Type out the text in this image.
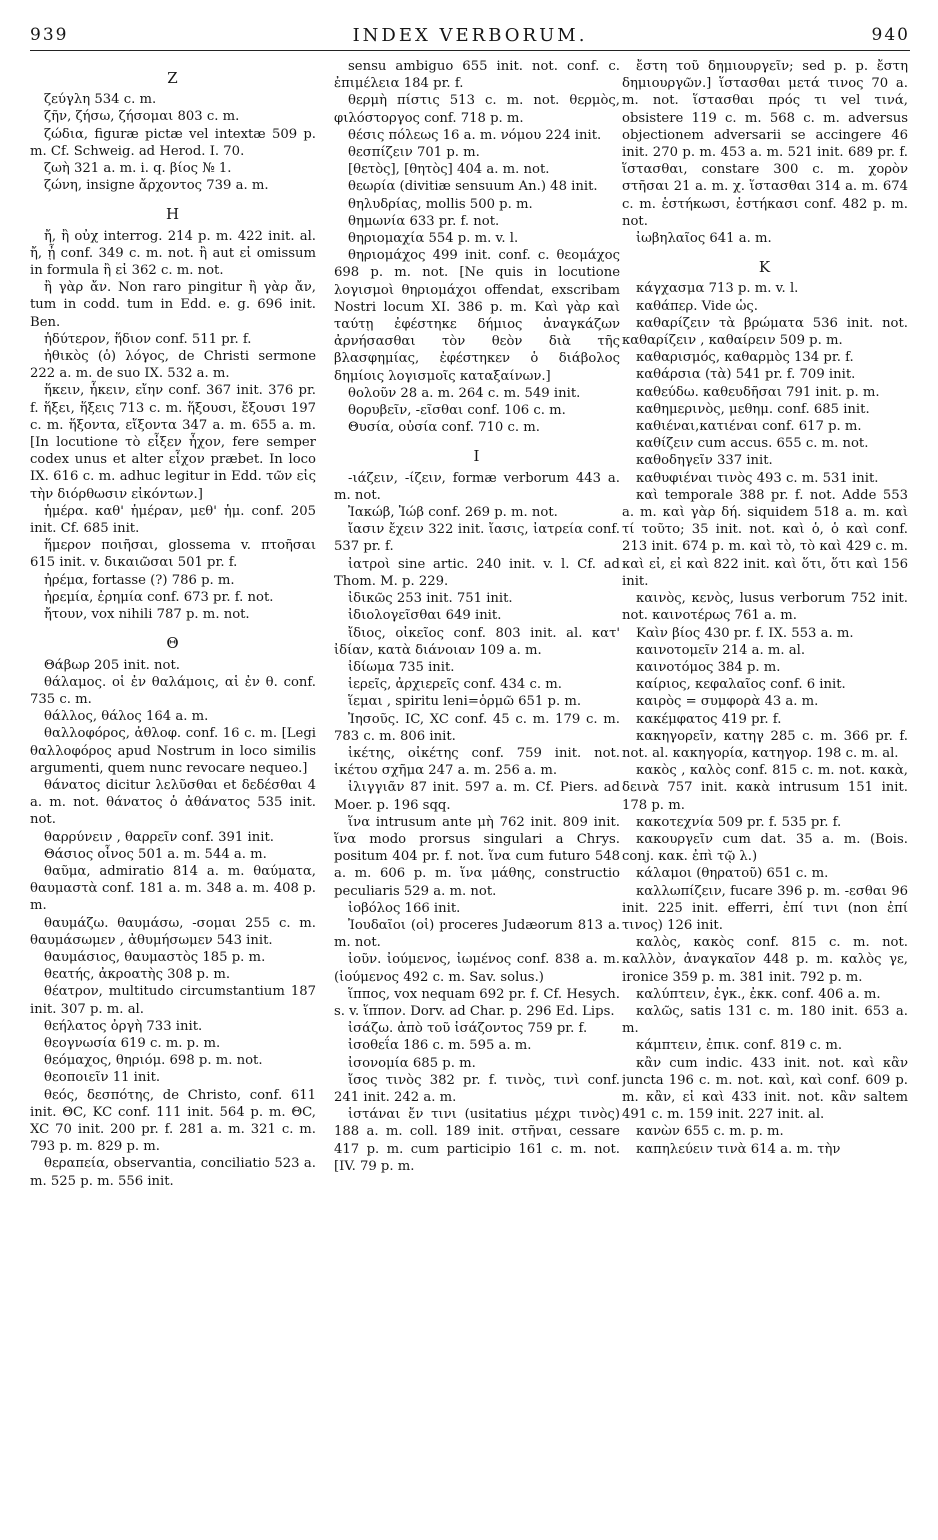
939	INDEX VERBORUM.	940

Z

ζεύγλη 534 c. m.

ζῆν, ζήσω, ζήσομαι 803 c. m.

ζώδια, figuræ pictæ vel intextæ 509 p. m. Cf. Schweig. ad Herod. I. 70.

ζωὴ 321 a. m. i. q. βίος № 1.

ζώνη, insigne ἄρχοντος 739 a. m.

Η

ἤ, ἢ οὐχ interrog. 214 p. m. 422 init. al. ἤ, ᾖ conf. 349 c. m. not. ἢ aut εἰ omissum in formula ἢ εἰ 362 c. m. not.

ἢ γὰρ ἄν. Non raro pingitur ἢ γὰρ ἄν, tum in codd. tum in Edd. e. g. 696 init. Ben.

ἡδύτερον, ἥδιον conf. 511 pr. f.

ἠθικὸς (ὁ) λόγος, de Christi sermone 222 a. m. de suo IX. 532 a. m.

ἥκειν, ἧκειν, εἴην conf. 367 init. 376 pr. f. ἥξει, ἥξεις 713 c. m. ἥξουσι, ἔξουσι 197 c. m. ἥξοντα, εἴξοντα 347 a. m. 655 a. m. [In locutione τὸ εἶξεν ἦχον, fere semper codex unus et alter εἶχον præbet. In loco IX. 616 c. m. adhuc legitur in Edd. τῶν εἰς τὴν διόρθωσιν εἰκόντων.]

ἡμέρα. καθ' ἡμέραν, μεθ' ἡμ. conf. 205 init. Cf. 685 init.

ἥμερον ποιῆσαι, glossema v. πτοῆσαι 615 init. v. δικαιῶσαι 501 pr. f.

ἠρέμα, fortasse (?) 786 p. m.

ἠρεμία, ἐρημία conf. 673 pr. f. not.

ἤτουν, vox nihili 787 p. m. not.

Θ

Θάβωρ 205 init. not.

θάλαμος. οἱ ἐν θαλάμοις, αἱ ἐν θ. conf. 735 c. m.

θάλλος, θάλος 164 a. m.

θαλλοφόρος, ἀθλοφ. conf. 16 c. m. [Legi θαλλοφόρος apud Nostrum in loco similis argumenti, quem nunc revocare nequeo.]

θάνατος dicitur λελῦσθαι et δεδέσθαι 4 a. m. not. θάνατος ὁ ἀθάνατος 535 init. not.

θαρρύνειν , θαρρεῖν conf. 391 init.

Θάσιος οἶνος 501 a. m. 544 a. m.

θαῦμα, admiratio 814 a. m. θαύματα, θαυμαστὰ conf. 181 a. m. 348 a. m. 408 p. m.

θαυμάζω. θαυμάσω, -σομαι 255 c. m. θαυμάσωμεν , ἀθυμήσωμεν 543 init.

θαυμάσιος, θαυμαστὸς 185 p. m.

θεατής, ἀκροατὴς 308 p. m.

θέατρον, multitudo circumstantium 187 init. 307 p. m. al.

θεήλατος ὀργὴ 733 init.

θεογνωσία 619 c. m. p. m.

θεόμαχος, θηριόμ. 698 p. m. not.

θεοποιεῖν 11 init.

θεός, δεσπότης, de Christo, conf. 611 init. ΘC, KC conf. 111 init. 564 p. m. ΘC, XC 70 init. 200 pr. f. 281 a. m. 321 c. m. 793 p. m. 829 p. m.

θεραπεία, observantia, conciliatio 523 a. m. 525 p. m. 556 init.

sensu ambiguo 655 init. not. conf. c. ἐπιμέλεια 184 pr. f.

θερμὴ πίστις 513 c. m. not. θερμὸς, φιλόστοργος conf. 718 p. m.

θέσις πόλεως 16 a. m. νόμου 224 init.

θεσπίζειν 701 p. m.

[θετὸς], [θητὸς] 404 a. m. not.

θεωρία (divitiæ sensuum An.) 48 init.

θηλυδρίας, mollis 500 p. m.

θημωνία 633 pr. f. not.

θηριομαχία 554 p. m. v. l.

θηριομάχος 499 init. conf. c. θεομάχος 698 p. m. not. [Ne quis in locutione λογισμοὶ θηριομάχοι offendat, exscribam Nostri locum XI. 386 p. m. Καὶ γὰρ καὶ ταύτῃ ἐφέστηκε δήμιος ἀναγκάζων ἀρνήσασθαι τὸν θεὸν διὰ τῆς βλασφημίας, ἐφέστηκεν ὁ διάβολος δημίοις λογισμοῖς καταξαίνων.]

θολοῦν 28 a. m. 264 c. m. 549 init.

θορυβεῖν, -εῖσθαι conf. 106 c. m.

Θυσία, οὐσία conf. 710 c. m.

Ι

-ιάζειν, -ίζειν, formæ verborum 443 a. m. not.

Ἰακώβ, Ἰώβ conf. 269 p. m. not.

ἴασιν ἔχειν 322 init. ἴασις, ἰατρεία conf. 537 pr. f.

ἰατροὶ sine artic. 240 init. v. l. Cf. ad Thom. M. p. 229.

ἰδικῶς 253 init. 751 init.

ἰδιολογεῖσθαι 649 init.

ἴδιος, οἰκεῖος conf. 803 init. al. κατ' ἰδίαν, κατὰ διάνοιαν 109 a. m.

ἰδίωμα 735 init.

ἱερεῖς, ἀρχιερεῖς conf. 434 c. m.

ἵεμαι , spiritu leni=ὁρμῶ 651 p. m.

Ἰησοῦς. IC, XC conf. 45 c. m. 179 c. m. 783 c. m. 806 init.

ἱκέτης, οἰκέτης conf. 759 init. not. ἱκέτου σχῆμα 247 a. m. 256 a. m.

ἰλιγγιᾶν 87 init. 597 a. m. Cf. Piers. ad Moer. p. 196 sqq.

ἵνα intrusum ante μὴ 762 init. 809 init. ἵνα modo prorsus singulari a Chrys. positum 404 pr. f. not. ἵνα cum futuro 548 a. m. 606 p. m. ἵνα μάθης, constructio peculiaris 529 a. m. not.

ἰοβόλος 166 init.

Ἰουδαῖοι (οἱ) proceres Judæorum 813 a. m. not.

ἰοῦν. ἰούμενος, ἰωμένος conf. 838 a. m. (ἰούμενος 492 c. m. Sav. solus.)

ἵππος, vox nequam 692 pr. f. Cf. Hesych. s. v. ἵππον. Dorv. ad Char. p. 296 Ed. Lips.

ἰσάζω. ἀπὸ τοῦ ἰσάζοντος 759 pr. f.

ἰσοθεΐα 186 c. m. 595 a. m.

ἰσονομία 685 p. m.

ἴσος τινὸς 382 pr. f. τινὸς, τινὶ conf. 241 init. 242 a. m.

ἱστάναι ἔν τινι (usitatius μέχρι τινὸς) 188 a. m. coll. 189 init. στῆναι, cessare 417 p. m. cum participio 161 c. m. not. [IV. 79 p. m.

ἔστη τοῦ δημιουργεῖν; sed p. p. ἔστη δημιουργῶν.] ἵστασθαι μετά τινος 70 a. m. not. ἵστασθαι πρός τι vel τινά, obsistere 119 c. m. 568 c. m. adversus objectionem adversarii se accingere 46 init. 270 p. m. 453 a. m. 521 init. 689 pr. f. ἵστασθαι, constare 300 c. m. χορὸν στῆσαι 21 a. m. χ. ἵστασθαι 314 a. m. 674 c. m. ἑστήκωσι, ἑστήκασι conf. 482 p. m. not.

ἰωβηλαῖος 641 a. m.

Κ

κάγχασμα 713 p. m. v. l.

καθάπερ. Vide ὡς.

καθαρίζειν τὰ βρώματα 536 init. not. καθαρίζειν , καθαίρειν 509 p. m.

καθαρισμός, καθαρμὸς 134 pr. f.

καθάρσια (τὰ) 541 pr. f. 709 init.

καθεύδω. καθευδῆσαι 791 init. p. m.

καθημερινὸς, μεθημ. conf. 685 init.

καθιέναι,κατιέναι conf. 617 p. m.

καθίζειν cum accus. 655 c. m. not.

καθοδηγεῖν 337 init.

καθυφιέναι τινὸς 493 c. m. 531 init.

καὶ temporale 388 pr. f. not. Adde 553 a. m. καὶ γὰρ δή. siquidem 518 a. m. καὶ τί τοῦτο; 35 init. not. καὶ ὁ, ὁ καὶ conf. 213 init. 674 p. m. καὶ τὸ, τὸ καὶ 429 c. m. καὶ εἰ, εἰ καὶ 822 init. καὶ ὅτι, ὅτι καὶ 156 init.

καινὸς, κενὸς, lusus verborum 752 init. not. καινοτέρως 761 a. m.

Καὶν βίος 430 pr. f. IX. 553 a. m.

καινοτομεῖν 214 a. m. al.

καινοτόμος 384 p. m.

καίριος, κεφαλαῖος conf. 6 init.

καιρὸς = συμφορὰ 43 a. m.

κακέμφατος 419 pr. f.

κακηγορεῖν, κατηγ 285 c. m. 366 pr. f. not. al. κακηγορία, κατηγορ. 198 c. m. al.

κακὸς , καλὸς conf. 815 c. m. not. κακὰ, δεινὰ 757 init. κακὰ intrusum 151 init. 178 p. m.

κακοτεχνία 509 pr. f. 535 pr. f.

κακουργεῖν cum dat. 35 a. m. (Bois. conj. κακ. ἐπὶ τῷ λ.)

κάλαμοι (θηρατοῦ) 651 c. m.

καλλωπίζειν, fucare 396 p. m. -εσθαι 96 init. 225 init. efferri, ἐπί τινι (non ἐπί τινος) 126 init.

καλὸς, κακὸς conf. 815 c. m. not. καλλὸν, ἀναγκαῖον 448 p. m. καλὸς γε, ironice 359 p. m. 381 init. 792 p. m.

καλύπτειν, ἐγκ., ἐκκ. conf. 406 a. m.

καλῶς, satis 131 c. m. 180 init. 653 a. m.

κάμπτειν, ἐπικ. conf. 819 c. m.

κἂν cum indic. 433 init. not. καὶ κἂν juncta 196 c. m. not. καὶ, καὶ conf. 609 p. m. κἂν, εἰ καὶ 433 init. not. κἂν saltem 491 c. m. 159 init. 227 init. al.

κανὼν 655 c. m. p. m.

καπηλεύειν τινὰ 614 a. m. τὴν
